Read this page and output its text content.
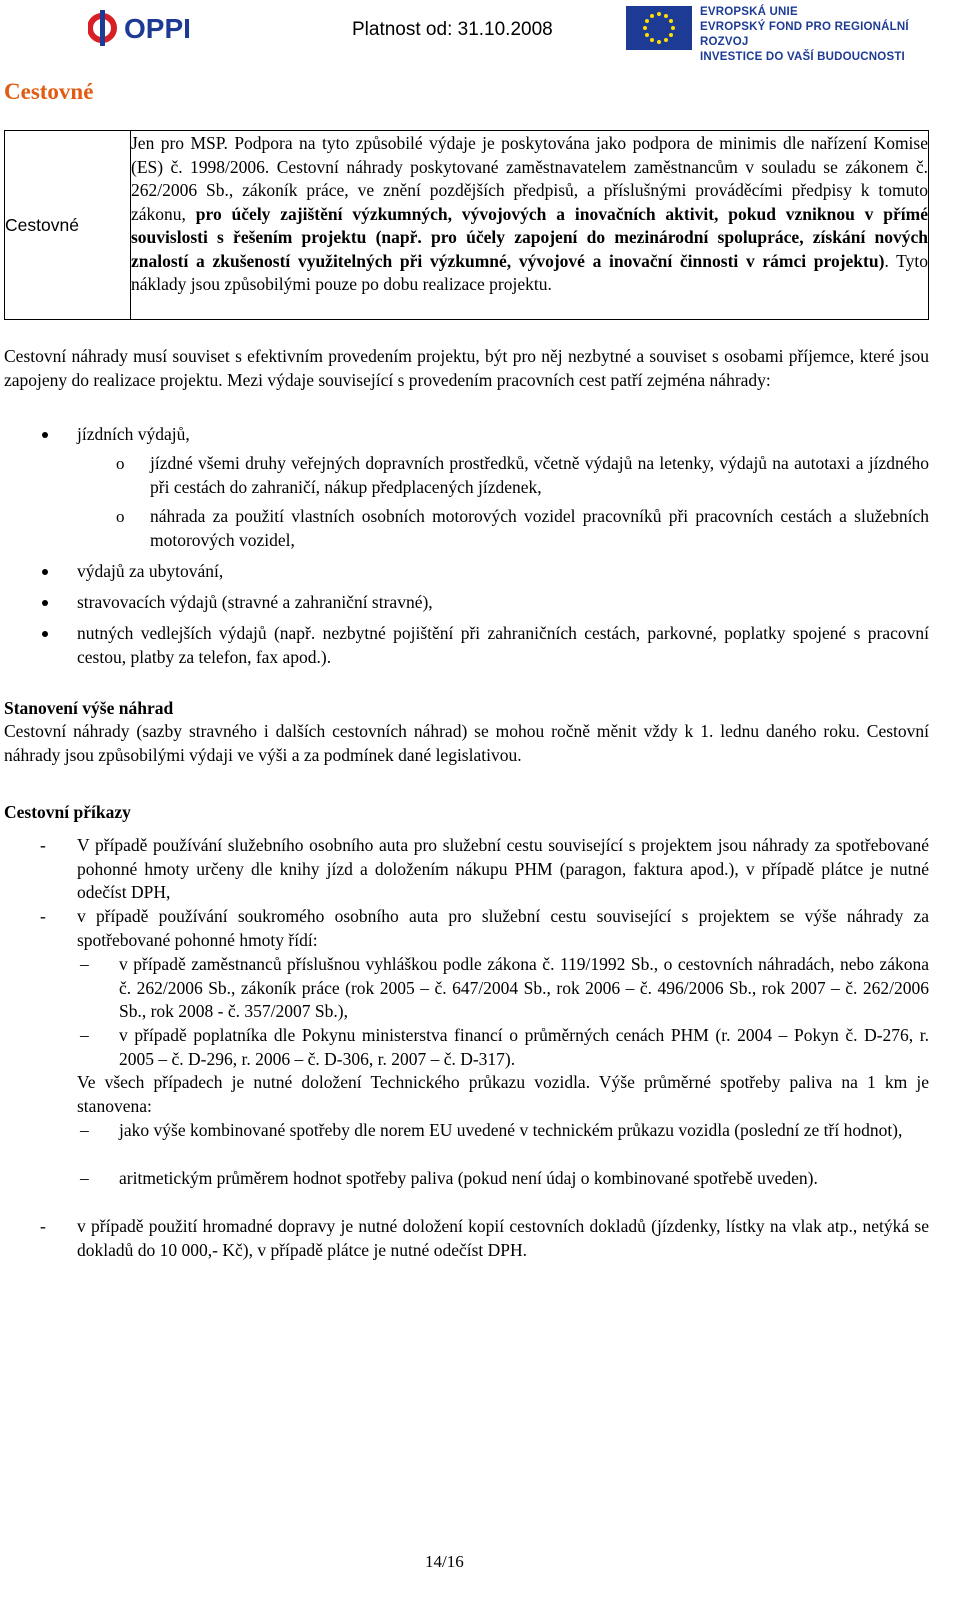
OPPI	Platnost od: 31.10.2008
EVROPSKÁ UNIE
EVROPSKÝ FOND PRO REGIONÁLNÍ ROZVOJ
INVESTICE DO VAŠÍ BUDOUCNOSTI
Cestovné
Cestovné
Jen pro MSP. Podpora na tyto způsobilé výdaje je poskytována jako podpora de minimis dle nařízení Komise (ES) č. 1998/2006. Cestovní náhrady poskytované zaměstnavatelem zaměstnancům v souladu se zákonem č. 262/2006 Sb., zákoník práce, ve znění pozdějších předpisů, a příslušnými prováděcími předpisy k tomuto zákonu, pro účely zajištění výzkumných, vývojových a inovačních aktivit, pokud vzniknou v přímé souvislosti s řešením projektu (např. pro účely zapojení do mezinárodní spolupráce, získání nových znalostí a zkušeností využitelných při výzkumné, vývojové a inovační činnosti v rámci projektu). Tyto náklady jsou způsobilými pouze po dobu realizace projektu.
Cestovní náhrady musí souviset s efektivním provedením projektu, být pro něj nezbytné a souviset s osobami příjemce, které jsou zapojeny do realizace projektu. Mezi výdaje související s provedením pracovních cest patří zejména náhrady:
jízdních výdajů,
o jízdné všemi druhy veřejných dopravních prostředků, včetně výdajů na letenky, výdajů na autotaxi a jízdného při cestách do zahraničí, nákup předplacených jízdenek,
o náhrada za použití vlastních osobních motorových vozidel pracovníků při pracovních cestách a služebních motorových vozidel,
výdajů za ubytování,
stravovacích výdajů (stravné a zahraniční stravné),
nutných vedlejších výdajů (např. nezbytné pojištění při zahraničních cestách, parkovné, poplatky spojené s pracovní cestou, platby za telefon, fax apod.).
Stanovení výše náhrad
Cestovní náhrady (sazby stravného i dalších cestovních náhrad) se mohou ročně měnit vždy k 1. lednu daného roku. Cestovní náhrady jsou způsobilými výdaji ve výši a za podmínek dané legislativou.
Cestovní příkazy
- V případě používání služebního osobního auta pro služební cestu související s projektem jsou náhrady za spotřebované pohonné hmoty určeny dle knihy jízd a doložením nákupu PHM (paragon, faktura apod.), v případě plátce je nutné odečíst DPH,
- v případě používání soukromého osobního auta pro služební cestu související s projektem se výše náhrady za spotřebované pohonné hmoty řídí:
– v případě zaměstnanců příslušnou vyhláškou podle zákona č. 119/1992 Sb., o cestovních náhradách, nebo zákona č. 262/2006 Sb., zákoník práce (rok 2005 – č. 647/2004 Sb., rok 2006 – č. 496/2006 Sb., rok 2007 – č. 262/2006 Sb., rok 2008 - č. 357/2007 Sb.),
– v případě poplatníka dle Pokynu ministerstva financí o průměrných cenách PHM (r. 2004 – Pokyn č. D-276, r. 2005 – č. D-296, r. 2006 – č. D-306, r. 2007 – č. D-317).
Ve všech případech je nutné doložení Technického průkazu vozidla. Výše průměrné spotřeby paliva na 1 km je stanovena:
– jako výše kombinované spotřeby dle norem EU uvedené v technickém průkazu vozidla (poslední ze tří hodnot),
– aritmetickým průměrem hodnot spotřeby paliva (pokud není údaj o kombinované spotřebě uveden).
- v případě použití hromadné dopravy je nutné doložení kopií cestovních dokladů (jízdenky, lístky na vlak atp., netýká se dokladů do 10 000,- Kč), v případě plátce je nutné odečíst DPH.
14/16
